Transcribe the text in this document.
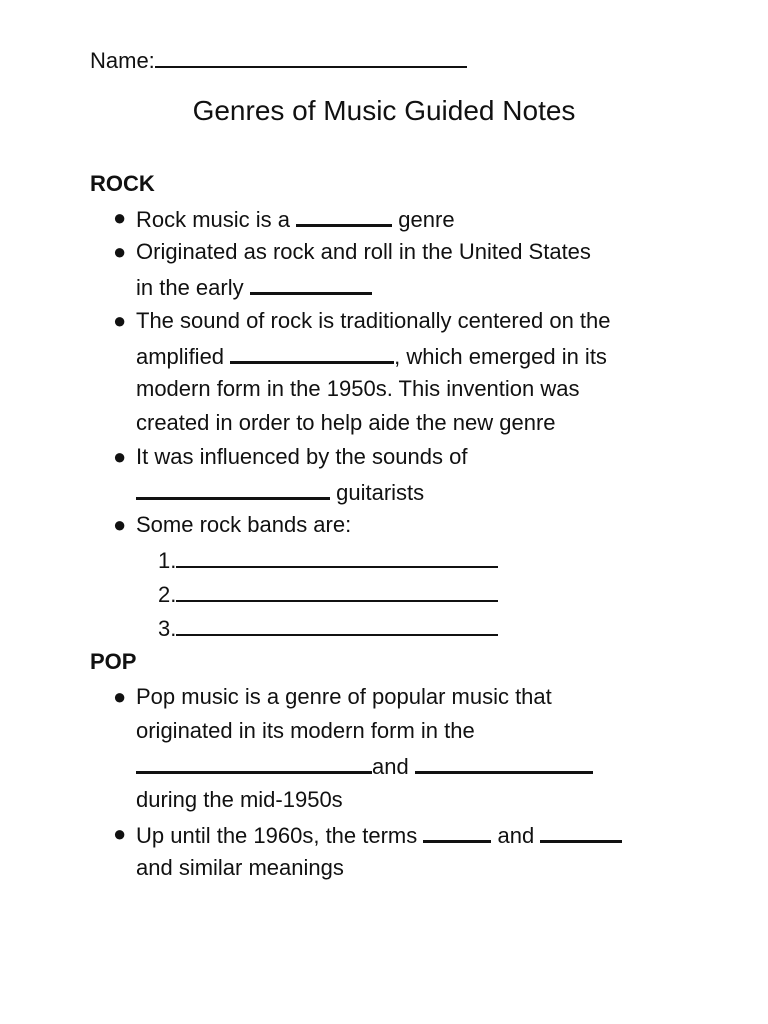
Name:
Genres of Music Guided Notes
ROCK
● Rock music is a	genre
● Originated as rock and roll in the United States
in the early
● The sound of rock is traditionally centered on the
amplified	, which emerged in its
modern form in the 1950s. This invention was
created in order to help aide the new genre
● It was influenced by the sounds of
guitarists
● Some rock bands are:
1.
2.
3.
POP
● Pop music is a genre of popular music that
originated in its modern form in the
and
during the mid-1950s
● Up until the 1960s, the terms	and
and similar meanings
